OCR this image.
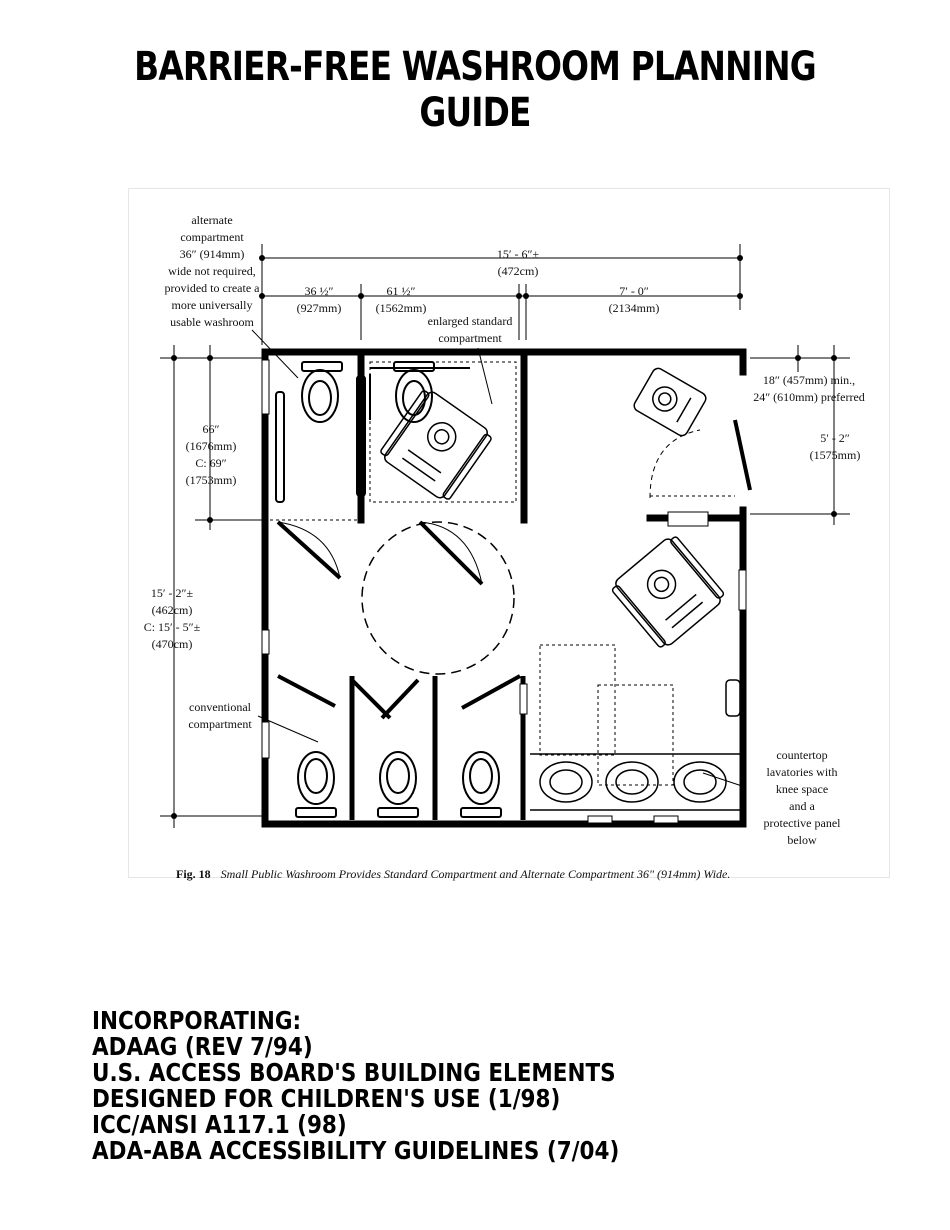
BARRIER-FREE WASHROOM PLANNING GUIDE
alternate
compartment
36″ (914mm)
wide not required,
provided to create a
more universally
usable washroom
15′ - 6″±
(472cm)
36 ½″
(927mm)
61 ½″
(1562mm)
7′ - 0″
(2134mm)
enlarged standard
compartment
18″ (457mm) min.,
24″ (610mm) preferred
5′ - 2″
(1575mm)
66″
(1676mm)
C: 69″
(1753mm)
15′ - 2″±
(462cm)
C: 15′ - 5″±
(470cm)
conventional
compartment
countertop
lavatories with
knee space
and a
protective panel
below
Fig. 18 Small Public Washroom Provides Standard Compartment and Alternate Compartment 36" (914mm) Wide.
INCORPORATING:
ADAAG (REV 7/94)
U.S. ACCESS BOARD'S BUILDING ELEMENTS
DESIGNED FOR CHILDREN'S USE (1/98)
ICC/ANSI A117.1 (98)
ADA-ABA ACCESSIBILITY GUIDELINES (7/04)
